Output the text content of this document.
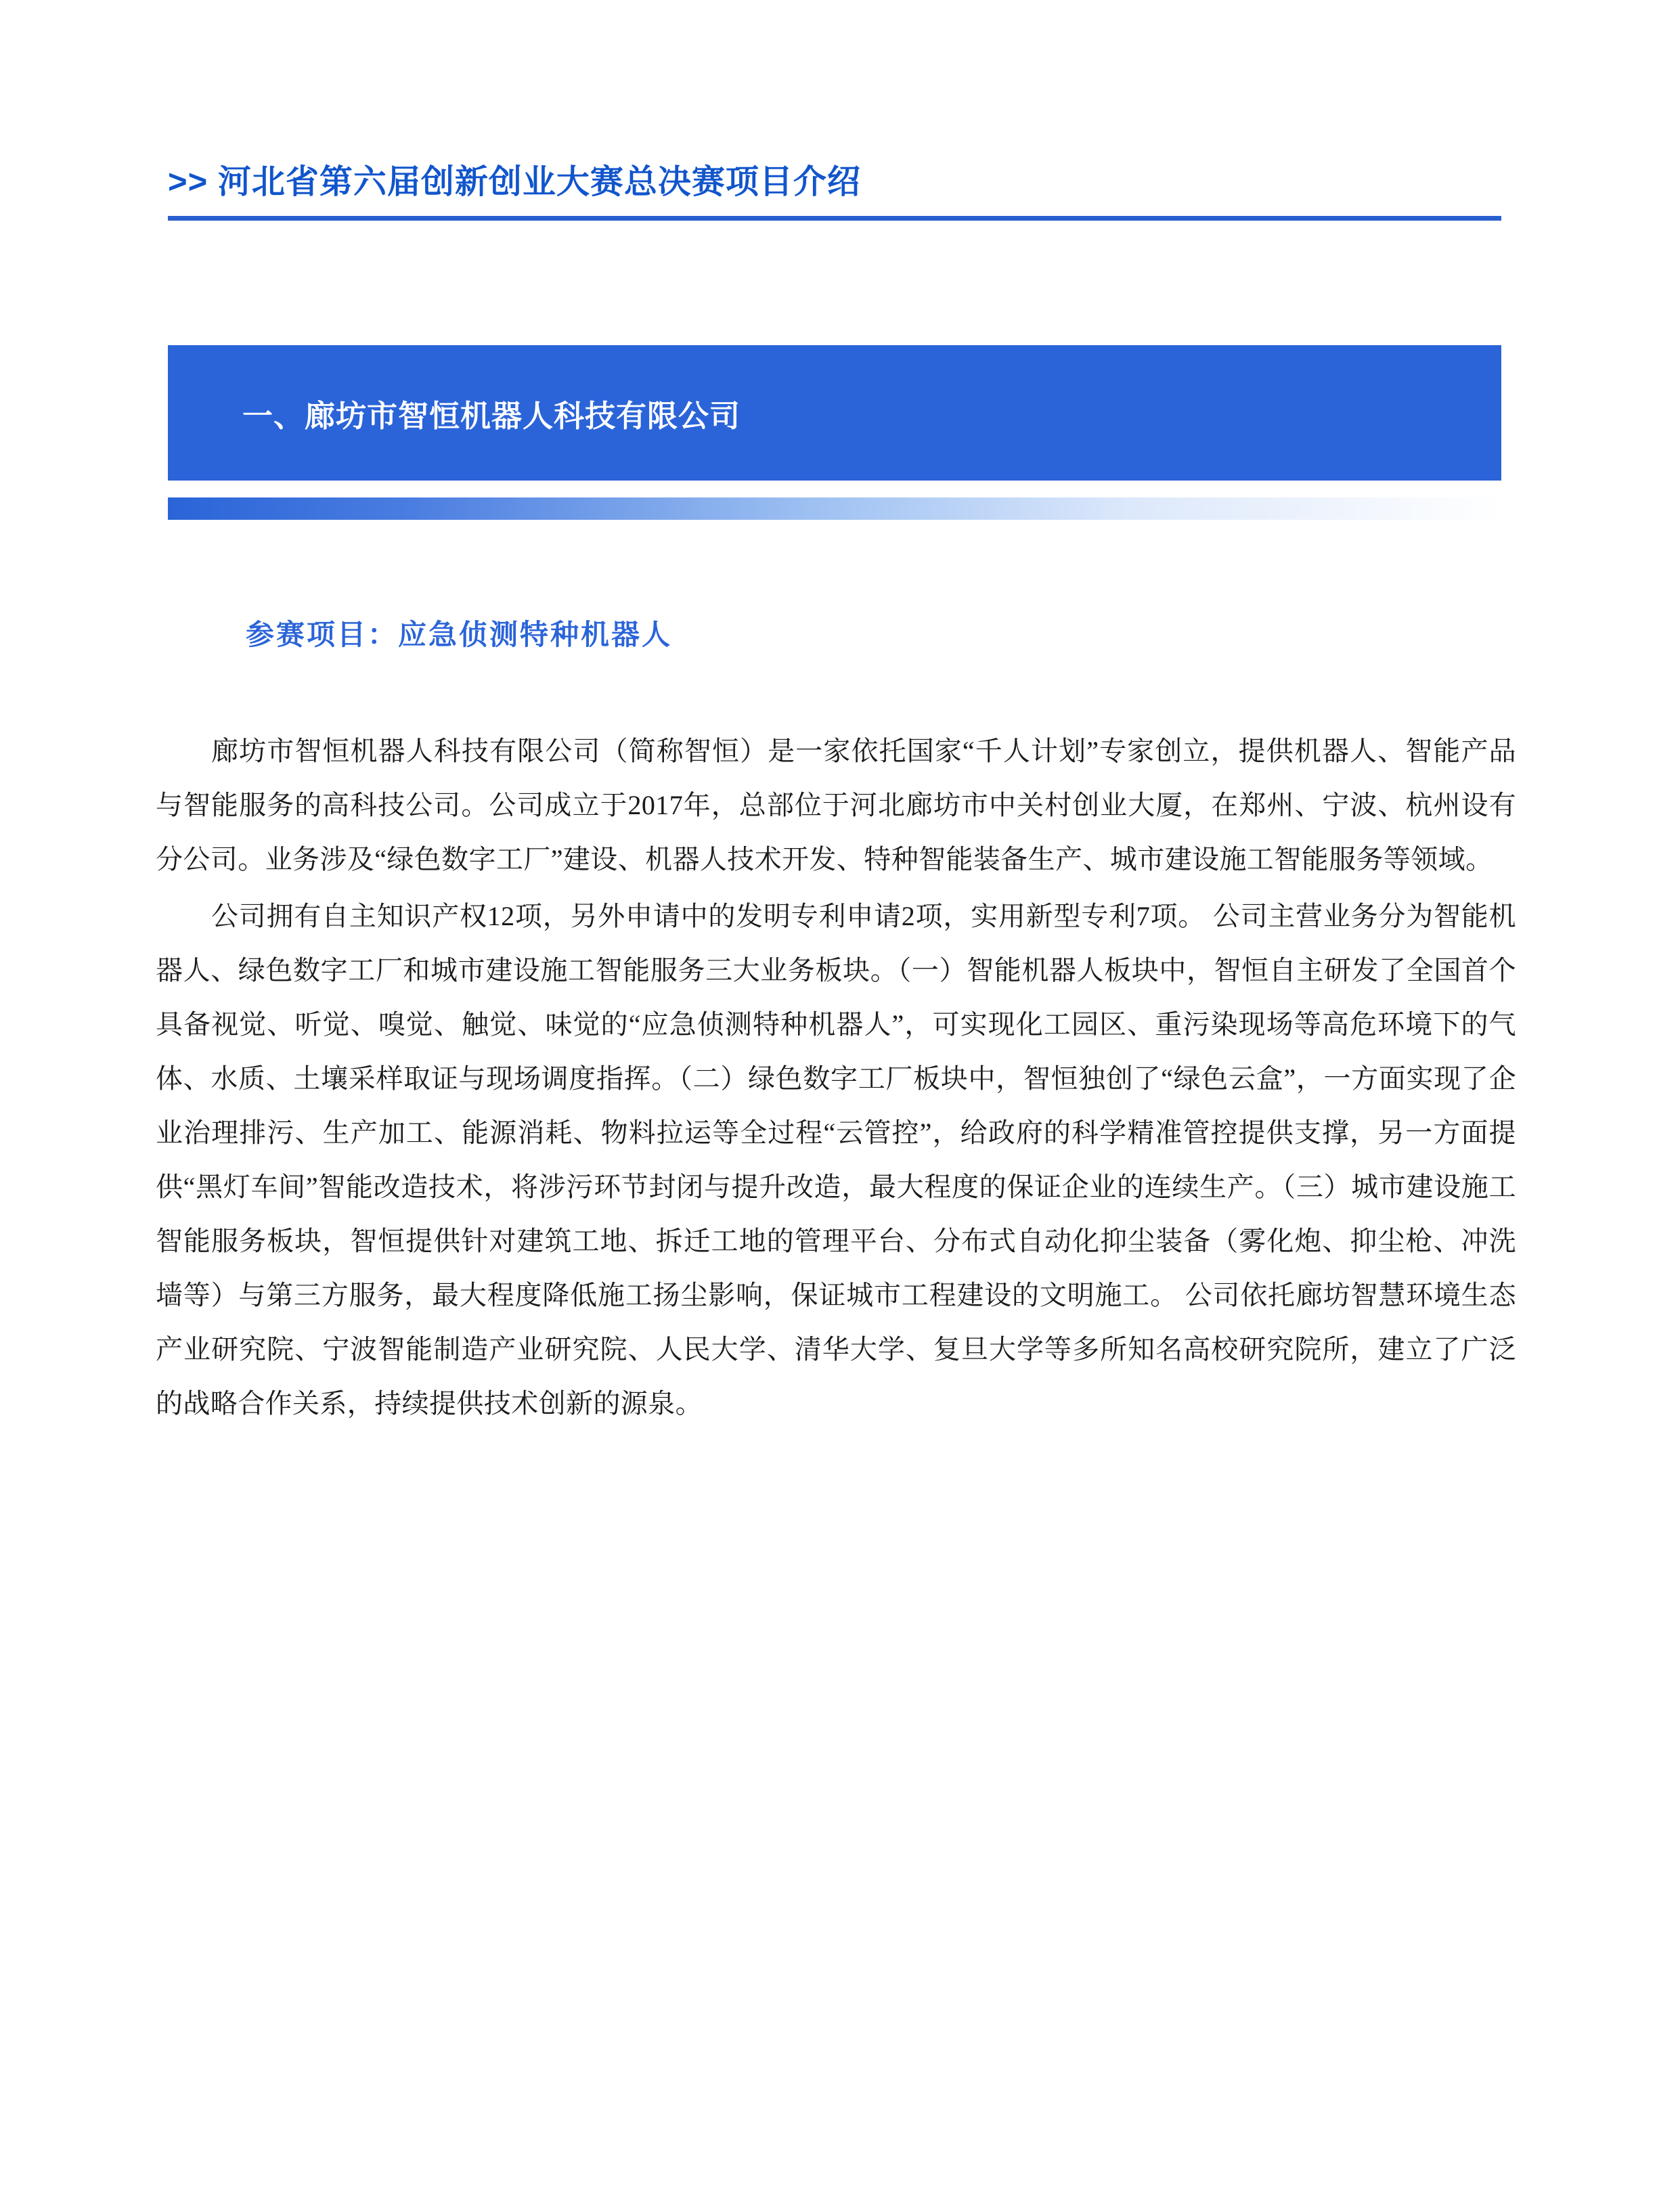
>> 河北省第六届创新创业大赛总决赛项目介绍
一、廊坊市智恒机器人科技有限公司
参赛项目：应急侦测特种机器人

廊坊市智恒机器人科技有限公司（简称智恒）是一家依托国家“千人计划”专家创立，提供机器人、智能产品与智能服务的高科技公司。公司成立于2017年，总部位于河北廊坊市中关村创业大厦，在郑州、宁波、杭州设有分公司。业务涉及“绿色数字工厂”建设、机器人技术开发、特种智能装备生产、城市建设施工智能服务等领域。

公司拥有自主知识产权12项，另外申请中的发明专利申请2项，实用新型专利7项。 公司主营业务分为智能机器人、绿色数字工厂和城市建设施工智能服务三大业务板块。（一）智能机器人板块中，智恒自主研发了全国首个具备视觉、听觉、嗅觉、触觉、味觉的“应急侦测特种机器人”，可实现化工园区、重污染现场等高危环境下的气体、水质、土壤采样取证与现场调度指挥。（二）绿色数字工厂板块中，智恒独创了“绿色云盒”，一方面实现了企业治理排污、生产加工、能源消耗、物料拉运等全过程“云管控”，给政府的科学精准管控提供支撑，另一方面提供“黑灯车间”智能改造技术，将涉污环节封闭与提升改造，最大程度的保证企业的连续生产。（三）城市建设施工智能服务板块，智恒提供针对建筑工地、拆迁工地的管理平台、分布式自动化抑尘装备（雾化炮、抑尘枪、冲洗墙等）与第三方服务，最大程度降低施工扬尘影响，保证城市工程建设的文明施工。 公司依托廊坊智慧环境生态产业研究院、宁波智能制造产业研究院、人民大学、清华大学、复旦大学等多所知名高校研究院所，建立了广泛的战略合作关系，持续提供技术创新的源泉。
